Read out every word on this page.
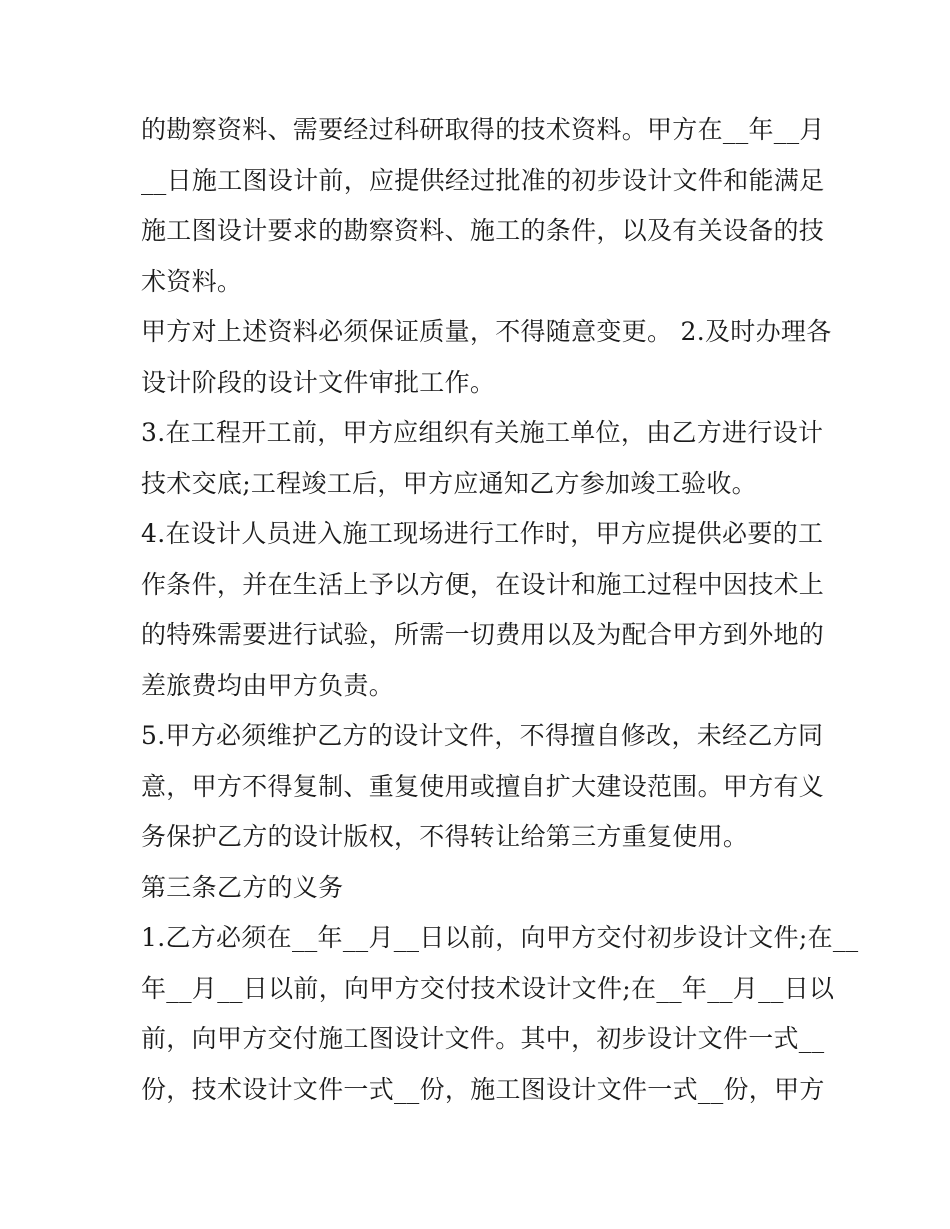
的勘察资料、需要经过科研取得的技术资料。甲方在__年__月
__日施工图设计前，应提供经过批准的初步设计文件和能满足
施工图设计要求的勘察资料、施工的条件，以及有关设备的技
术资料。
甲方对上述资料必须保证质量，不得随意变更。 2.及时办理各
设计阶段的设计文件审批工作。
3.在工程开工前，甲方应组织有关施工单位，由乙方进行设计
技术交底;工程竣工后，甲方应通知乙方参加竣工验收。
4.在设计人员进入施工现场进行工作时，甲方应提供必要的工
作条件，并在生活上予以方便，在设计和施工过程中因技术上
的特殊需要进行试验，所需一切费用以及为配合甲方到外地的
差旅费均由甲方负责。
5.甲方必须维护乙方的设计文件，不得擅自修改，未经乙方同
意，甲方不得复制、重复使用或擅自扩大建设范围。甲方有义
务保护乙方的设计版权，不得转让给第三方重复使用。
第三条乙方的义务
1.乙方必须在__年__月__日以前，向甲方交付初步设计文件;在__
年__月__日以前，向甲方交付技术设计文件;在__年__月__日以
前，向甲方交付施工图设计文件。其中，初步设计文件一式__
份，技术设计文件一式__份，施工图设计文件一式__份，甲方
